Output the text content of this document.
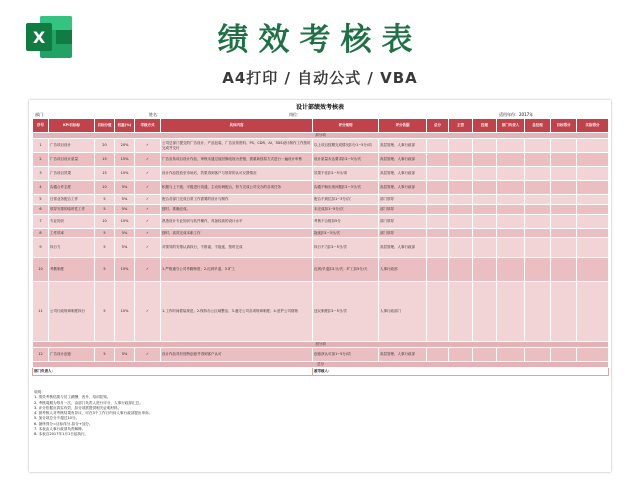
X	绩效考核表
A4打印 / 自动公式 / VBA
设计部绩效考核表
部门：	姓名：	岗位：	适用年份：2017年
序号	KPI目标标	目标分值	权重(%)	考核方式	具体内容	评分规则	评分依据	总分	主管	经理	部门负责人	总经理	目标得分	实际得分
扣分项														
1	广告项目设计	20	20%	✓	公司总部门提交的广告设计、产品包装、广告宣传资料、PS、CDR、AI、3DS设计制作工作按时完成并交付	以上项目按期完成情况扣分1~5分/项	高层管理、人事行政部							
2	广告项目设计质量	15	15%	✓	广告宣传项目设计作品，审核未通过返回修改视为差错，需重新按原方式进行一遍设计审核	设计质量未达要求扣1~5分/次	高层管理、人事行政部							
3	广告项目效果	15	10%	✓	设计作品投放至市场后，效果得到客户与领导的认可反馈情况	效果不佳扣1~5分/项	高层管理、人事行政部							
4	沟通合作态度	10	5%	✓	积极与上下级、平级进行沟通，主动协调配合，努力完成公司交办的各项任务	沟通不畅出现问题扣1~3分/次	高层管理、人事行政部							
5	日常业务配合工作	5	5%	✓	配合各部门完成日常工作需要的设计与制作	配合不到位扣1~3分/次	部门领导							
6	领导安排的临时性工作	5	5%	✓	按时、准确完成。	未完成扣1~5分/次	部门领导							
7	专业知识	10	10%	✓	熟悉设计专业知识与软件操作，具备较高的设计水平	考核不合格扣5分	部门领导							
8	工作效率	5	5%	✓	按时、高效完成本职工作	拖延扣1~3分/次	部门领导							
9	执行力	5	5%	✓	对领导的安排认真执行，不推诿、不拖延，按时完成	执行不力扣1~5分/次	高层管理、人事行政部							
10	考勤制度	5	10%	✓	1.严格遵守公司考勤制度；2.迟到早退；3.旷工	迟到/早退扣1分/次；旷工扣5分/天	人事行政部							
11	公司行政规章制度执行	5	10%	✓	1.工作时间着装规范；2.保持办公区域整洁；3.遵守公司各项规章制度；4.爱护公司财物	违反制度扣1~5分/次	人事行政部门							
加分项														
12	广告设计创意	5	5%	✓	设计作品具有独特创意并得到客户认可	创意获认可加1~5分/项	高层管理、人事行政部							
总分														
部门负责人：						被考核人：								
说明：
1. 绩效考核结果与员工薪酬、晋升、培训挂钩。
2. 考核周期为每月一次，由部门负责人进行评分，人事行政部汇总。
3. 评分依据应真实有效，扣分项需提供相关证明材料。
4. 被考核人对考核结果有异议，可在3个工作日内向人事行政部提出申诉。
5. 加分项总分不超过10分。
6. 最终得分=目标得分-扣分+加分。
7. 本表由人事行政部负责解释。
8. 本表自2017年1月1日起执行。
